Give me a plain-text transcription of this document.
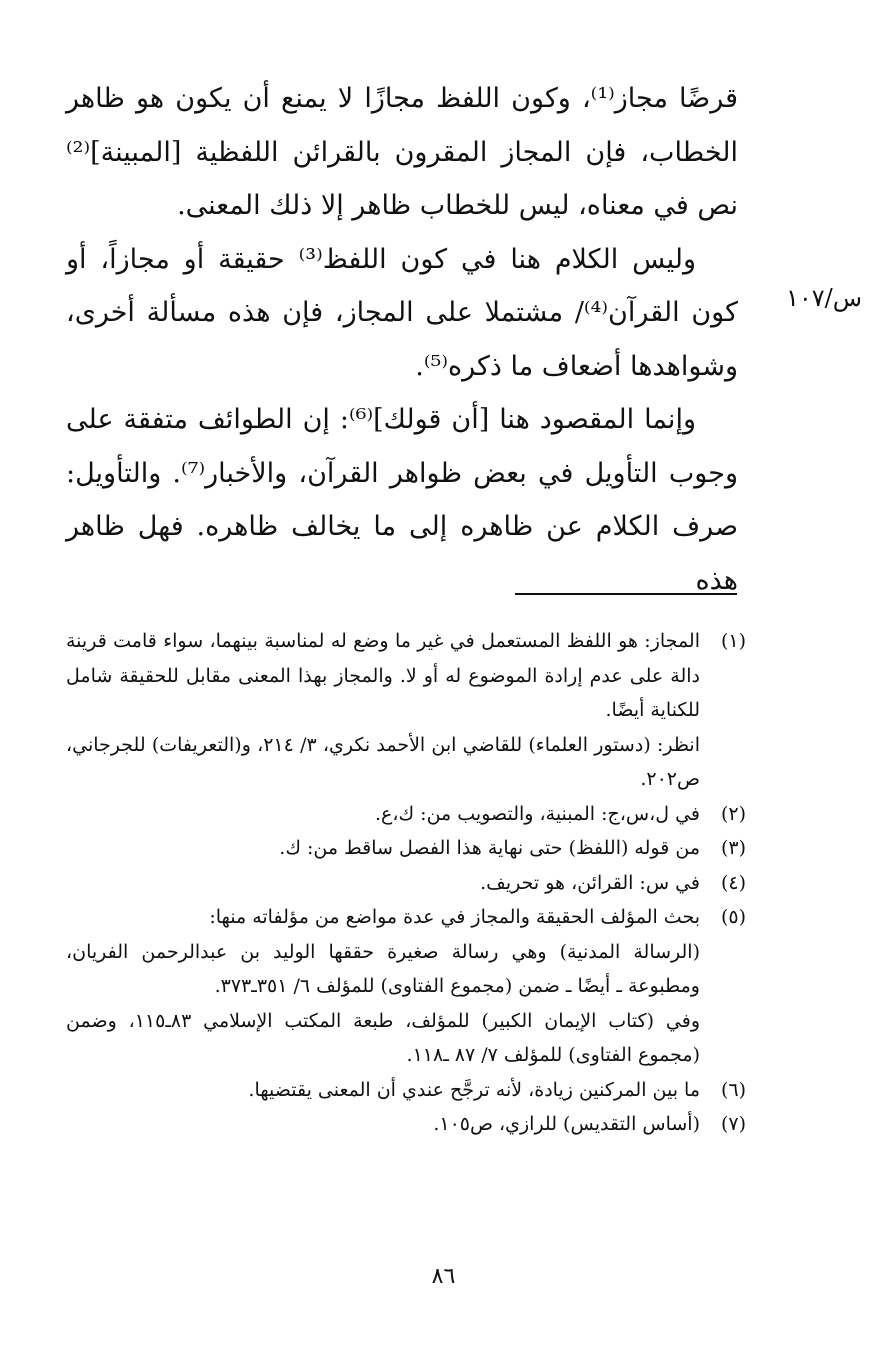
قرضًا مجاز⁽¹⁾، وكون اللفظ مجازًا لا يمنع أن يكون هو ظاهر الخطاب، فإن المجاز المقرون بالقرائن اللفظية [المبينة]⁽²⁾ نص في معناه، ليس للخطاب ظاهر إلا ذلك المعنى.

وليس الكلام هنا في كون اللفظ⁽³⁾ حقيقة أو مجازاً، أو كون القرآن⁽⁴⁾/ مشتملا على المجاز، فإن هذه مسألة أخرى، وشواهدها أضعاف ما ذكره⁽⁵⁾.

وإنما المقصود هنا [أن قولك]⁽⁶⁾: إن الطوائف متفقة على وجوب التأويل في بعض ظواهر القرآن، والأخبار⁽⁷⁾. والتأويل: صرف الكلام عن ظاهره إلى ما يخالف ظاهره. فهل ظاهر هذه

س/١٠٧
(١)
المجاز: هو اللفظ المستعمل في غير ما وضع له لمناسبة بينهما، سواء قامت قرينة دالة على عدم إرادة الموضوع له أو لا. والمجاز بهذا المعنى مقابل للحقيقة شامل للكناية أيضًا.
انظر: (دستور العلماء) للقاضي ابن الأحمد نكري، ٣/ ٢١٤، و(التعريفات) للجرجاني، ص٢٠٢.
(٢)
في ل،س،ج: المبنية، والتصويب من: ك،ع.
(٣)
من قوله (اللفظ) حتى نهاية هذا الفصل ساقط من: ك.
(٤)
في س: القرائن، هو تحريف.
(٥)
بحث المؤلف الحقيقة والمجاز في عدة مواضع من مؤلفاته منها:
(الرسالة المدنية) وهي رسالة صغيرة حققها الوليد بن عبدالرحمن الفريان، ومطبوعة ـ أيضًا ـ ضمن (مجموع الفتاوى) للمؤلف ٦/ ٣٥١ـ٣٧٣.
وفي (كتاب الإيمان الكبير) للمؤلف، طبعة المكتب الإسلامي ٨٣ـ١١٥، وضمن (مجموع الفتاوى) للمؤلف ٧/ ٨٧ ـ١١٨.
(٦)
ما بين المركنين زيادة، لأنه ترجَّح عندي أن المعنى يقتضيها.
(٧)
(أساس التقديس) للرازي، ص١٠٥.
٨٦
